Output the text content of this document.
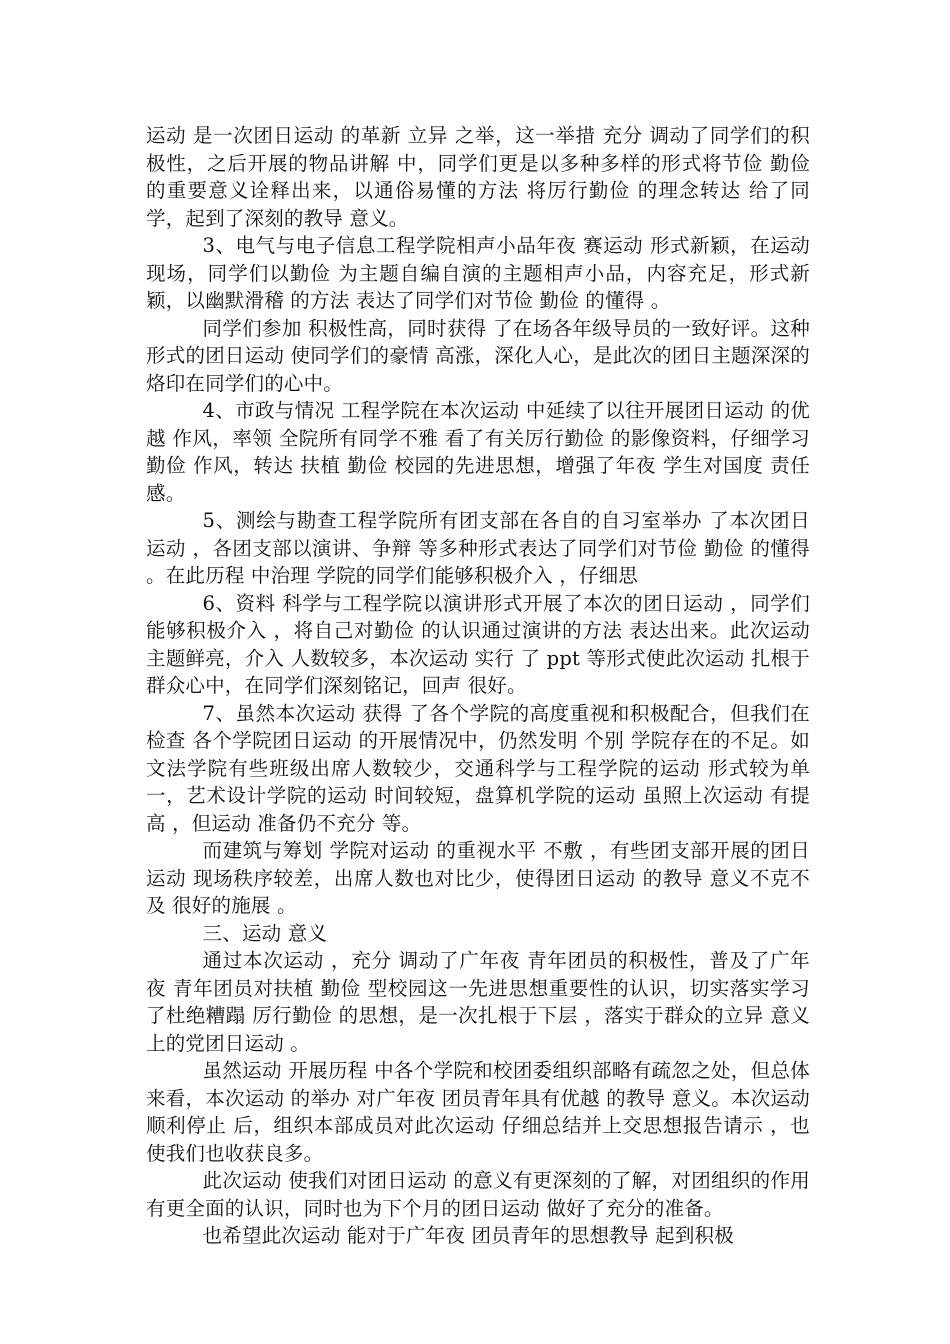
运动 是一次团日运动 的革新 立异 之举，这一举措 充分 调动了同学们的积极性，之后开展的物品讲解 中，同学们更是以多种多样的形式将节俭 勤俭 的重要意义诠释出来，以通俗易懂的方法 将厉行勤俭 的理念转达 给了同学，起到了深刻的教导 意义。

3、电气与电子信息工程学院相声小品年夜 赛运动 形式新颖，在运动 现场，同学们以勤俭 为主题自编自演的主题相声小品，内容充足，形式新颖，以幽默滑稽 的方法 表达了同学们对节俭 勤俭 的懂得 。

同学们参加 积极性高，同时获得 了在场各年级导员的一致好评。这种形式的团日运动 使同学们的豪情 高涨，深化人心，是此次的团日主题深深的烙印在同学们的心中。

4、市政与情况 工程学院在本次运动 中延续了以往开展团日运动 的优越 作风，率领 全院所有同学不雅 看了有关厉行勤俭 的影像资料，仔细学习勤俭 作风，转达 扶植 勤俭 校园的先进思想，增强了年夜 学生对国度 责任感。

5、测绘与勘查工程学院所有团支部在各自的自习室举办 了本次团日运动 ，各团支部以演讲、争辩 等多种形式表达了同学们对节俭 勤俭 的懂得 。在此历程 中治理 学院的同学们能够积极介入 ，仔细思

6、资料 科学与工程学院以演讲形式开展了本次的团日运动 ，同学们能够积极介入 ，将自己对勤俭 的认识通过演讲的方法 表达出来。此次运动 主题鲜亮，介入 人数较多，本次运动 实行 了 ppt 等形式使此次运动 扎根于群众心中，在同学们深刻铭记，回声 很好。

7、虽然本次运动 获得 了各个学院的高度重视和积极配合，但我们在检查 各个学院团日运动 的开展情况中，仍然发明 个别 学院存在的不足。如文法学院有些班级出席人数较少，交通科学与工程学院的运动 形式较为单一，艺术设计学院的运动 时间较短，盘算机学院的运动 虽照上次运动 有提高 ，但运动 准备仍不充分 等。

而建筑与筹划 学院对运动 的重视水平 不敷 ，有些团支部开展的团日运动 现场秩序较差，出席人数也对比少，使得团日运动 的教导 意义不克不及 很好的施展 。

三、运动 意义

通过本次运动 ，充分 调动了广年夜 青年团员的积极性，普及了广年夜 青年团员对扶植 勤俭 型校园这一先进思想重要性的认识，切实落实学习了杜绝糟蹋 厉行勤俭 的思想，是一次扎根于下层 ，落实于群众的立异 意义上的党团日运动 。

虽然运动 开展历程 中各个学院和校团委组织部略有疏忽之处，但总体来看，本次运动 的举办 对广年夜 团员青年具有优越 的教导 意义。本次运动 顺利停止 后，组织本部成员对此次运动 仔细总结并上交思想报告请示 ，也使我们也收获良多。

此次运动 使我们对团日运动 的意义有更深刻的了解，对团组织的作用有更全面的认识，同时也为下个月的团日运动 做好了充分的准备。

也希望此次运动 能对于广年夜 团员青年的思想教导 起到积极
